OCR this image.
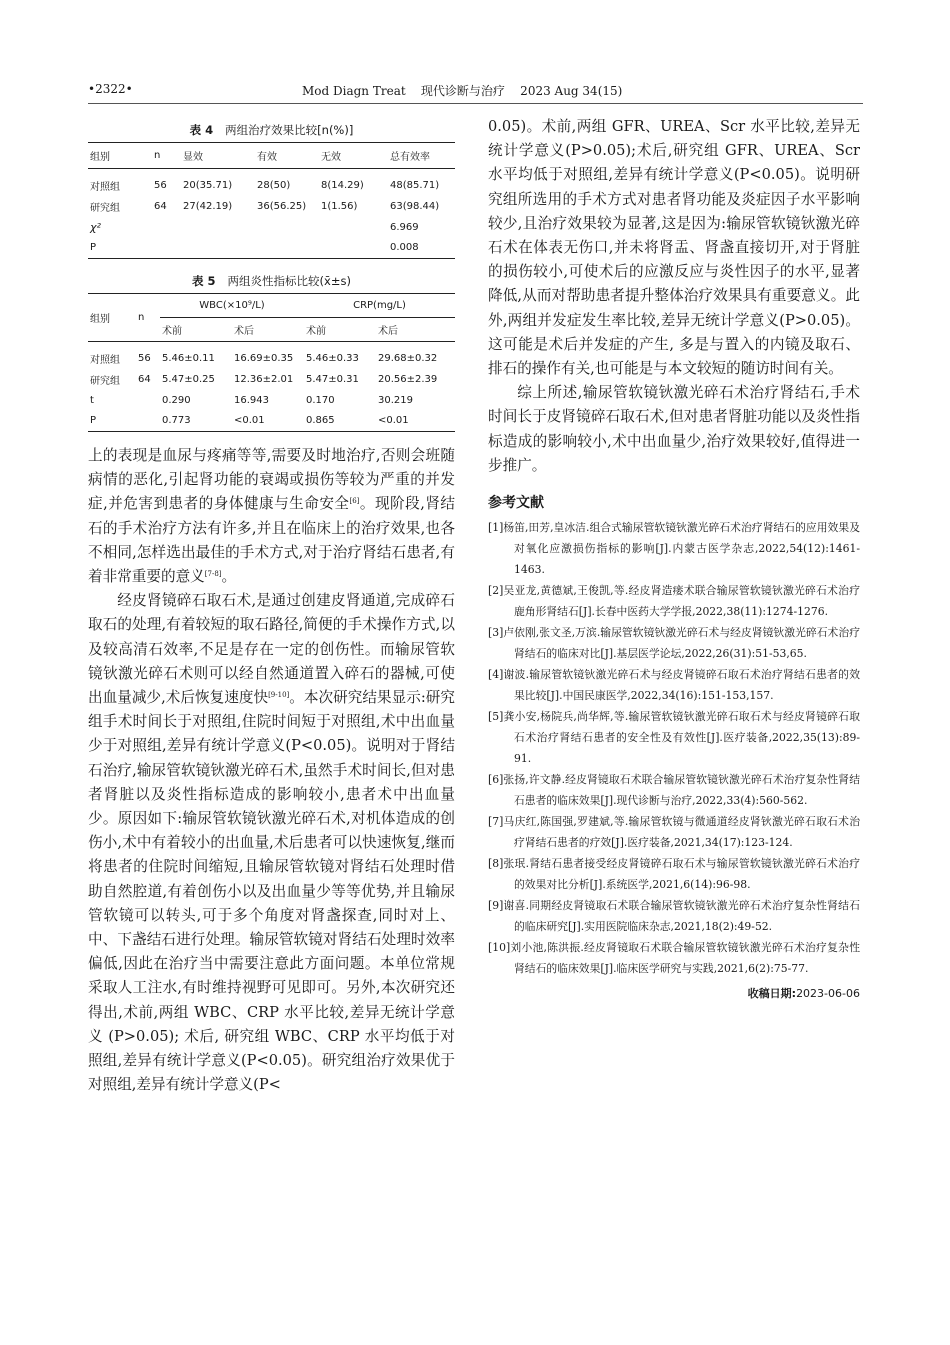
•2322•	Mod Diagn Treat    现代诊断与治疗    2023 Aug 34(15)
表 4 两组治疗效果比较[n(%)]
组别	n	显效	有效	无效	总有效率

对照组	56	20(35.71)	28(50)	8(14.29)	48(85.71)
研究组	64	27(42.19)	36(56.25)	1(1.56)	63(98.44)
χ²					6.969
P					0.008
表 5 两组炎性指标比较(x̄±s)
组别	n	WBC(×10⁹/L)		CRP(mg/L)	
		术前	术后	术前	术后

对照组	56	5.46±0.11	16.69±0.35	5.46±0.33	29.68±0.32
研究组	64	5.47±0.25	12.36±2.01	5.47±0.31	20.56±2.39
t		0.290	16.943	0.170	30.219
P		0.773	<0.01	0.865	<0.01

上的表现是血尿与疼痛等等,需要及时地治疗,否则会班随病情的恶化,引起肾功能的衰竭或损伤等较为严重的并发症,并危害到患者的身体健康与生命安全[6]。现阶段,肾结石的手术治疗方法有许多,并且在临床上的治疗效果,也各不相同,怎样选出最佳的手术方式,对于治疗肾结石患者,有着非常重要的意义[7-8]。

经皮肾镜碎石取石术,是通过创建皮肾通道,完成碎石取石的处理,有着较短的取石路径,简便的手术操作方式,以及较高清石效率,不足是存在一定的创伤性。而输尿管软镜钬激光碎石术则可以经自然通道置入碎石的器械,可使出血量减少,术后恢复速度快[9-10]。本次研究结果显示:研究组手术时间长于对照组,住院时间短于对照组,术中出血量少于对照组,差异有统计学意义(P<0.05)。说明对于肾结石治疗,输尿管软镜钬激光碎石术,虽然手术时间长,但对患者肾脏以及炎性指标造成的影响较小,患者术中出血量少。原因如下:输尿管软镜钬激光碎石术,对机体造成的创伤小,术中有着较小的出血量,术后患者可以快速恢复,继而将患者的住院时间缩短,且输尿管软镜对肾结石处理时借助自然腔道,有着创伤小以及出血量少等等优势,并且输尿管软镜可以转头,可于多个角度对肾盏探查,同时对上、中、下盏结石进行处理。输尿管软镜对肾结石处理时效率偏低,因此在治疗当中需要注意此方面问题。本单位常规采取人工注水,有时维持视野可见即可。另外,本次研究还得出,术前,两组 WBC、CRP 水平比较,差异无统计学意义 (P>0.05); 术后, 研究组 WBC、CRP 水平均低于对照组,差异有统计学意义(P<0.05)。研究组治疗效果优于对照组,差异有统计学意义(P<

0.05)。术前,两组 GFR、UREA、Scr 水平比较,差异无统计学意义(P>0.05);术后,研究组 GFR、UREA、Scr 水平均低于对照组,差异有统计学意义(P<0.05)。说明研究组所选用的手术方式对患者肾功能及炎症因子水平影响较少,且治疗效果较为显著,这是因为:输尿管软镜钬激光碎石术在体表无伤口,并未将肾盂、肾盏直接切开,对于肾脏的损伤较小,可使术后的应激反应与炎性因子的水平,显著降低,从而对帮助患者提升整体治疗效果具有重要意义。此外,两组并发症发生率比较,差异无统计学意义(P>0.05)。这可能是术后并发症的产生, 多是与置入的内镜及取石、排石的操作有关,也可能是与本文较短的随访时间有关。

综上所述,输尿管软镜钬激光碎石术治疗肾结石,手术时间长于皮肾镜碎石取石术,但对患者肾脏功能以及炎性指标造成的影响较小,术中出血量少,治疗效果较好,值得进一步推广。

参考文献
[1]杨笛,田芳,皇冰洁.组合式输尿管软镜钬激光碎石术治疗肾结石的应用效果及对氧化应激损伤指标的影响[J].内蒙古医学杂志,2022,54(12):1461-1463.
[2]吴亚龙,黄德斌,王俊凯,等.经皮肾造瘘术联合输尿管软镜钬激光碎石术治疗鹿角形肾结石[J].长春中医药大学学报,2022,38(11):1274-1276.
[3]卢依刚,张文圣,万滨.输尿管软镜钬激光碎石术与经皮肾镜钬激光碎石术治疗肾结石的临床对比[J].基层医学论坛,2022,26(31):51-53,65.
[4]谢波.输尿管软镜钬激光碎石术与经皮肾镜碎石取石术治疗肾结石患者的效果比较[J].中国民康医学,2022,34(16):151-153,157.
[5]龚小安,杨院兵,尚华辉,等.输尿管软镜钬激光碎石取石术与经皮肾镜碎石取石术治疗肾结石患者的安全性及有效性[J].医疗装备,2022,35(13):89-91.
[6]张扬,许文静.经皮肾镜取石术联合输尿管软镜钬激光碎石术治疗复杂性肾结石患者的临床效果[J].现代诊断与治疗,2022,33(4):560-562.
[7]马庆红,陈国强,罗建斌,等.输尿管软镜与微通道经皮肾钬激光碎石取石术治疗肾结石患者的疗效[J].医疗装备,2021,34(17):123-124.
[8]张珉.肾结石患者接受经皮肾镜碎石取石术与输尿管软镜钬激光碎石术治疗的效果对比分析[J].系统医学,2021,6(14):96-98.
[9]谢喜.同期经皮肾镜取石术联合输尿管软镜钬激光碎石术治疗复杂性肾结石的临床研究[J].实用医院临床杂志,2021,18(2):49-52.
[10]刘小池,陈洪振.经皮肾镜取石术联合输尿管软镜钬激光碎石术治疗复杂性肾结石的临床效果[J].临床医学研究与实践,2021,6(2):75-77.
收稿日期:2023-06-06
